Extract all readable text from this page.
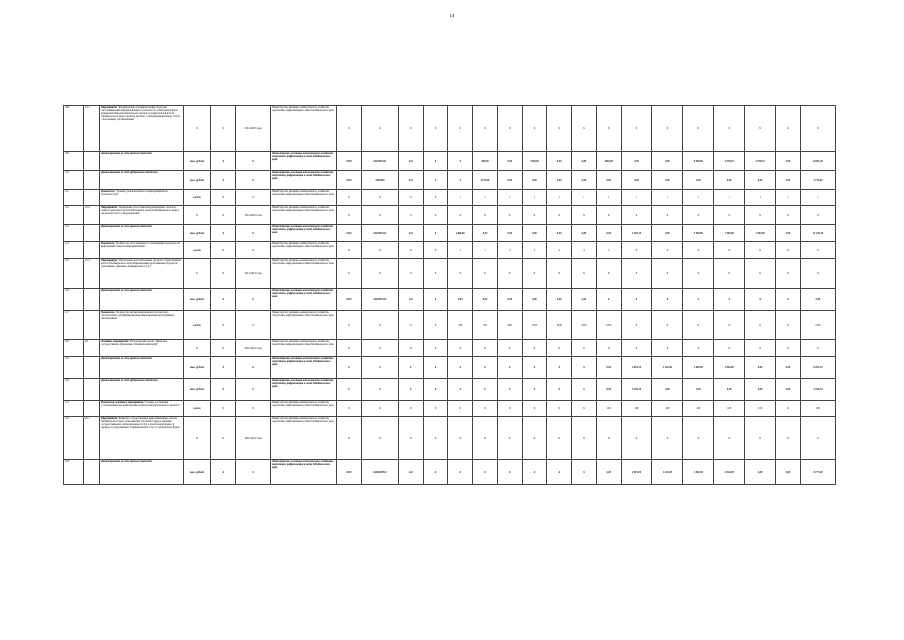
14
108	1.5.1	Мероприятие "Формирование и развитие инфраструктуры, обеспечивающей информационную безопасность электронных форм взаимодействия исполнительных органов государственной власти Забайкальского края и органов местного самоуправления между собой, с населением, организациями"	Х	Х	2014-2025 годы	Министерство жилищно-коммунального хозяйства, энергетики, цифровизации и связи Забайкальского края	Х	Х	Х	Х	Х	Х	Х	Х	Х	Х	Х	Х	Х	Х	Х	Х	Х	Х
109		финансирование за счет краевого бюджета	тыс. рублей	Х	Х	Министерство жилищно-коммунального хозяйства, энергетики, цифровизации и связи Забайкальского края	0450	0420504121	242	Х	Х	300,00	0,00	1590,00	0,00	0,00	4965,60	0,00	0,00	9 630,00	2 078,10	2 078,10	0,00	22291,20
110		финансирование за счет федерального бюджета	тыс. рублей	Х	Х	Министерство жилищно-коммунального хозяйства, энергетики, цифровизации и связи Забайкальского края	0410	1007820	242	Х	Х	2772,00	0,00	0,00	0,00	0,00	0,00	0,00	0,00	0,00	0,00	0,00	0,00	2 772,00
111		Показатель "Уровень удовлетворенности информационной безопасностью"	единиц	Х	Х	Министерство жилищно-коммунального хозяйства, энергетики, цифровизации и связи Забайкальского края	Х	Х	Х	Х	1	1	1	1	1	1	1	1	1	1	1	1	1	1
112	1.5.2	Мероприятие "Проведение аттестации информационных систем и защиты деятельности исполнительных органов Забайкальского края и органов местного самоуправления"	Х	Х	2014-2025 годы	Министерство жилищно-коммунального хозяйства, энергетики, цифровизации и связи Забайкальского края	Х	Х	Х	Х	Х	Х	Х	Х	Х	Х	Х	Х	Х	Х	Х	Х	Х	Х
113		финансирование за счет краевого бюджета	тыс. рублей	Х	Х	Министерство жилищно-коммунального хозяйства, энергетики, цифровизации и связи Забайкальского края	0410	0420504122	242	Х	2400,00	0,00	0,00	0,00	0,00	0,00	0,00	1 055,10	0,00	5 000,00	1 000,00	1 000,00	0,00	13 455,20
114		Показатель "Количество аттестованных по требованиям безопасности информации объектов информатизации"	единиц	Х	Х	Министерство жилищно-коммунального хозяйства, энергетики, цифровизации и связи Забайкальского края	Х	Х	Х	Х	1	1	2	2	4	4	5	Х	Х	Х	Х	Х	Х	Х
115	1.5.3	Мероприятие "Обеспечение исполнительных органов государственной власти Забайкальского края лицензионным программным продуктом (системным, офисным, антивирусным и т.д.)"	Х	Х	2014-2019 годы	Министерство жилищно-коммунального хозяйства, энергетики, цифровизации и связи Забайкальского края	Х	Х	Х	Х	Х	Х	Х	Х	Х	Х	Х	Х	Х	Х	Х	Х	Х	Х
116		финансирование за счет краевого бюджета	тыс. рублей	Х	Х	Министерство жилищно-коммунального хозяйства, энергетики, цифровизации и связи Забайкальского края	0410	0420504123	242	Х	0,00	0,00	0,00	0,00	0,00	0,00	Х	Х	Х	Х	Х	Х	Х	0,00
117		Показатель "Количество автоматизированных рабочих мест, обеспеченных сертифицированным лицензионным программным обеспечением"	единиц	Х	Х	Министерство жилищно-коммунального хозяйства, энергетики, цифровизации и связи Забайкальского края	Х	Х	Х	Х	500	750	900	1050	1050	1050	1050	Х	Х	Х	Х	Х	Х	1050
118	1.6	Основное мероприятие "Региональный проект "Цифровое государственное управление (Забайкальский край)"	Х	Х	2019-2024 годы	Министерство жилищно-коммунального хозяйства, энергетики, цифровизации и связи Забайкальского края	Х	Х	Х	Х	Х	Х	Х	Х	Х	Х	Х	Х	Х	Х	Х	Х	Х	Х
119		финансирование за счет краевого бюджета	тыс. рублей	Х	Х	Министерство жилищно-коммунального хозяйства, энергетики, цифровизации и связи Забайкальского края	Х	Х	Х	Х	Х	Х	Х	Х	Х	Х	0,00	2 919,10	1 410,00	1 092,00	2 840,00	0,00	0,00	8 261,10
120		финансирование за счет федерального бюджета	тыс. рублей	Х	Х	Министерство жилищно-коммунального хозяйства, энергетики, цифровизации и связи Забайкальского края	Х	Х	Х	Х	Х	Х	Х	Х	Х	Х	0,00	5 100,10	0,00	0,00	0,00	0,00	0,00	5 100,10
121		Показатель основного мероприятия "Степень достижения установленных значений целевых показателей регионального проекта"	единиц	Х	Х	Министерство жилищно-коммунального хозяйства, энергетики, цифровизации и связи Забайкальского края	Х	Х	Х	Х	Х	Х	Х	Х	Х	Х	100	100	100	100	100	100	Х	100
122	1.6.1	Мероприятие "Развитие государственных информационных систем Забайкальского края, позволяющих обеспечить предоставление государственных и муниципальных услуг в электронной форме, и перевод государственных муниципальных услуг в электронную форму"	Х	Х	2019-2024 годы	Министерство жилищно-коммунального хозяйства, энергетики, цифровизации и связи Забайкальского края	Х	Х	Х	Х	Х	Х	Х	Х	Х	Х	Х	Х	Х	Х	Х	Х	Х	Х
123		финансирование за счет краевого бюджета	тыс. рублей	Х	Х	Министерство жилищно-коммунального хозяйства, энергетики, цифровизации и связи Забайкальского края	0410	042D605521	242	Х	Х	Х	Х	Х	Х	Х	0,00	2 815,00	1 410,00	1 092,00	2 840,00	0,00	0,00	8 177,00
